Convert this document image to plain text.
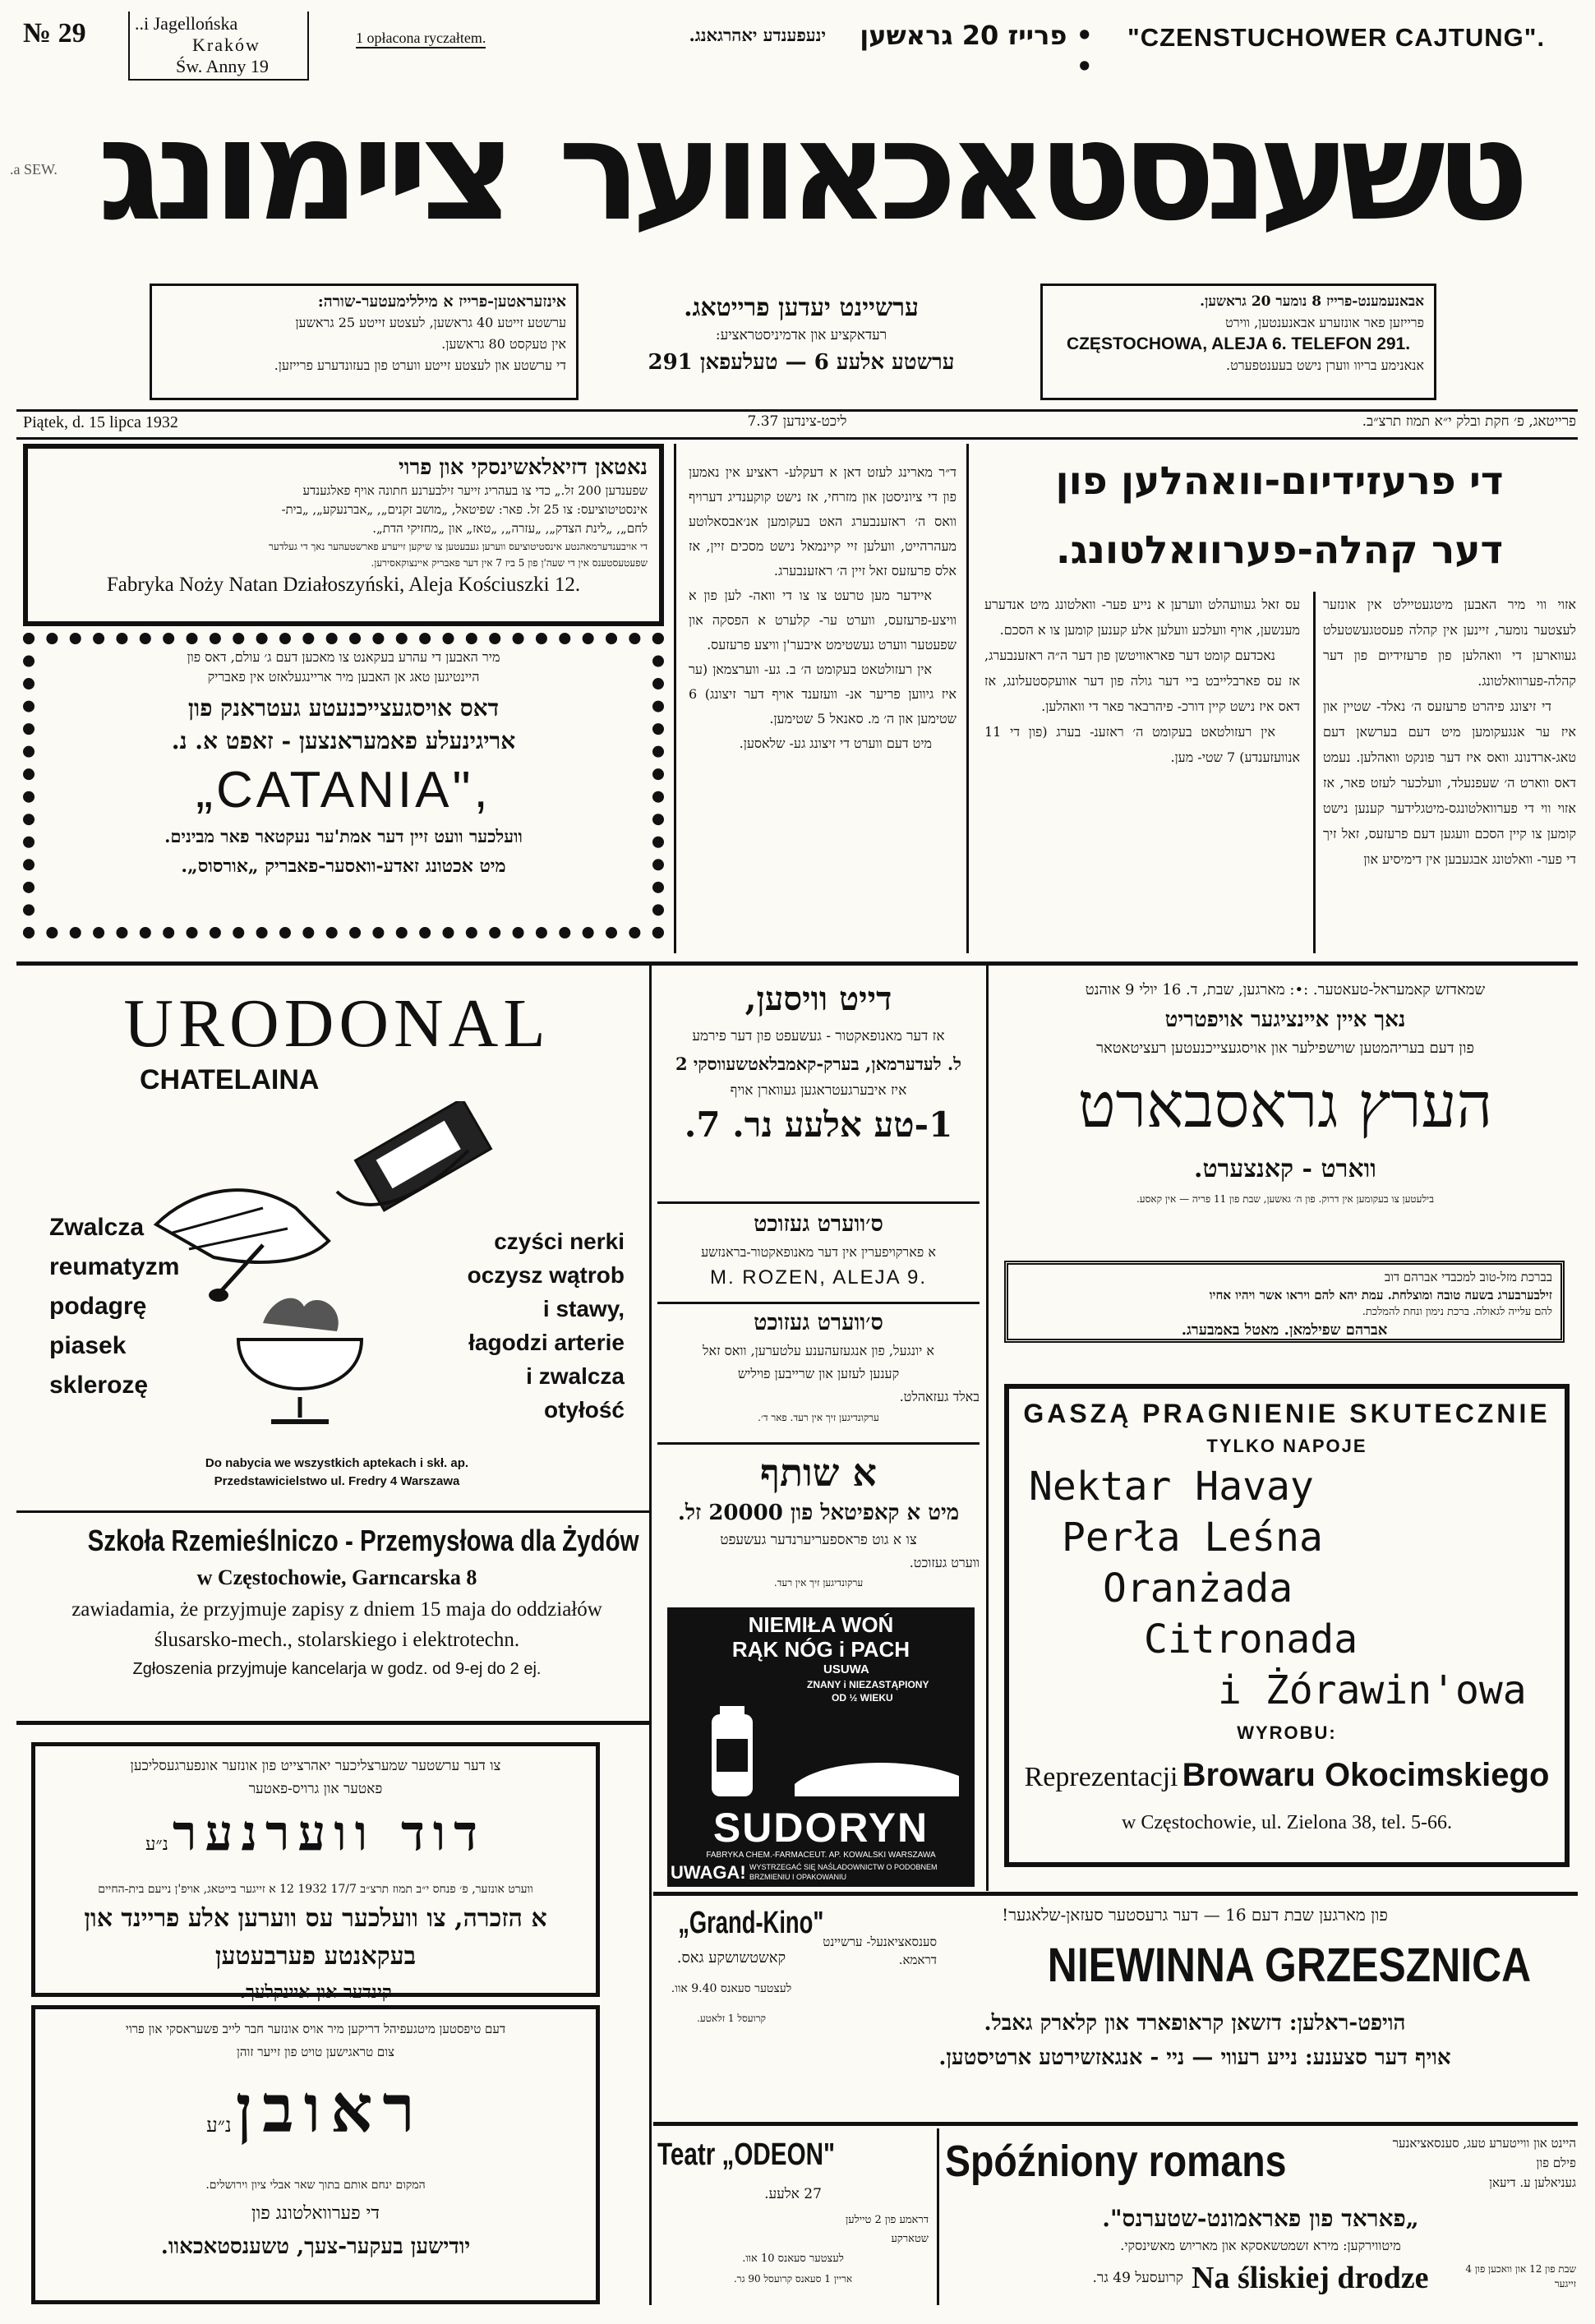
№ 29	..i Jagellońska
Kraków
Św. Anny 19
1 opłacona ryczałtem.	ינעפענדע יאהרגאנג.	• פרייז 20 גראשען •
"CZENSTUCHOWER CAJTUNG".
.a SEW. ציימונג טשענסטאכאווער
אינזעראטען-פרייז א מיללימעטער-שורה:
ערשטע זייטע 40 גראשען, לעצטע זייטע 25 גראשען
אין טעקסט 80 גראשען.
די ערשטע און לעצטע זייטע ווערט פון בעזונדערע פרייזען.
ערשיינט יעדען פרייטאג.
רעדאקציע און אדמיניסטראציע:
ערשטע אלעע 6 — טעלעפאן 291
אבאנעמענט-פרייז 8 נומער 20 גראשען.
פרייזען פאר אונזערע אבאנענטען, ווירט
CZĘSTOCHOWA, ALEJA 6. TELEFON 291.
אנאנימע בריוו ווערן נישט בעענטפערט.
Piątek, d. 15 lipca 1932	ליכט-צינדען 7.37	פרייטאג, פ׳ חקת ובלק י״א תמוז תרצ״ב.
נאטאן דזיאלאשינסקי און פרוי
שפענדען 200 זל.„ כדי צו בעהריג זייער זילבערנע חתונה אויף פאלגענדע
אינסטיטוציעס: צו 25 זל. פאר: שפיטאל, „מושב זקנים„, „אברנעקע„, „בית-
לחם„, „לינת הצדק„, „עזרה„, „טאז„ און „מחזיקי הדת„.
די אויבענדערמאהנטע אינסטיטוציעס ווערען געבעטען צו שיקען זייערע פארשטעהער נאך די געלדער
שפעטעסטענס אין די שעה'ן פון 5 ביז 7 אין דער פאבריק איינצוקאסירען.
Fabryka Noży Natan Działoszyński, Aleja Kościuszki 12.
מיר האבען די עהרע בעקאנט צו מאכען דעם ג׳ עולם, דאס פון
היינטיגען טאג אן האבען מיר אריינגעלאזט אין פאבריק
דאס אויסגעצייכנעטע געטראנק פון
אריגינעלע פאמעראנצען - זאפט א. נ.
„CATANIA",
וועלכער וועט זיין דער אמת'ער נעקטאר פאר מבינים.
מיט אכטונג זאדע-וואסער-פאבריק „אורסוס„.

ד״ר מארינג לעזט דאן א דעקלע- ראציע אין נאמען פון די ציוניסטן און מזרחי, אז נישט קוקענדיג דערויף וואס ה׳ ראזענבערג האט בעקומען אנ׳אבסאלוטע מעהרהייט, וועלען זיי קיינמאל נישט מסכים זיין, אז אלס פרעזעס זאל זיין ה׳ ראזענבערג.

איידער מען טרעט צו צו די וואה- לען פון א וויצע-פרעזעס, ווערט ער- קלערט א הפסקה און שפעטער ווערט געשטימט איבער'ן וויצע פרעזעס.

אין רעזולטאט בעקומט ה׳ ב. גע- ווערצמאן (ער איז גיווען פריער אנ- וועזענד אויף דער זיצונג) 6 שטימען און ה׳ מ. סאנאל 5 שטימען.

מיט דעם ווערט די זיצונג גע- שלאסען.

די פרעזידיום-וואהלען פון
דער קהלה-פערוואלטונג.

אזוי ווי מיר האבען מיטגעטיילט אין אונזער לעצטער נומער, זיינען אין קהלה פעסטגעשטעלט געווארען די וואהלען פון פרעזידיום פון דער קהלה-פערוואלטונג.

די זיצונג פיהרט פרעזעס ה׳ נאלד- שטיין און איז ער אנגעקומען מיט דעם בערשאן דעם טאג-ארדנונג וואס איז דער פונקט וואהלען. נעמט דאס ווארט ה׳ שעפנעלד, וועלכער לעזט פאר, אז אזוי ווי די פערוואלטונגס-מיטגלידער קענען נישט קומען צו קיין הסכם וועגען דעם פרעזעס, זאל זיך די פער- וואלטונג אבגעבען אין דימיסיע און

עס זאל געוועהלט ווערען א נייע פער- וואלטונג מיט אנדערע מענשען, אויף וועלכע וועלען אלע קענען קומען צו א הסכם.

נאכדעם קומט דער פאראוויטשן פון דער ה״ה ראזענבערג, אז עס פארבלייבט ביי דער גולה פון דער אוועקסטעלונג, אז דאס איז נישט קיין דורכ- פיהרבאר פאר די וואהלען.

אין רעזולטאט בעקומט ה׳ ראזענ- בערג (פון די 11 אנוועזענדע) 7 שטי- מען.

URODONAL
CHATELAINA
Zwalcza
reumatyzm
podagrę
piasek
sklerozę
czyści nerki
oczysz wątrob
i stawy,
łagodzi arterie
i zwalcza
otyłość
Do nabycia we wszystkich aptekach i skł. ap.
Przedstawicielstwo ul. Fredry 4 Warszawa
Szkoła Rzemieślniczo - Przemysłowa dla Żydów
w Częstochowie, Garncarska 8
zawiadamia, że przyjmuje zapisy z dniem 15 maja do oddziałów ślusarsko-mech., stolarskiego i elektrotechn.
Zgłoszenia przyjmuje kancelarja w godz. od 9-ej do 2 ej.
צו דער ערשטער שמערצליכער יאהרצייט פון אונזער אונפערגעסליכען
פאטער און גרויס-פאטער
דוד ווערנער נ״ע
ווערט אונזער, פ׳ פנחס י״ב תמוז תרצ״ב 17/7 1932 12 א זייגער בייטאג, אויפ'ן נייעם בית-החיים
א הזכרה, צו וועלכער עס ווערען אלע פריינד און בעקאנטע פערבעטען
קינדער און איינקלעך.
דעם טיפסטען מיטגעפיהל דריקען מיר אויס אונזער חבר לייב פשעראסקי און פרוי
צום טראגישען טויט פון זייער זוהן
ראובן נ״ע
המקום ינחם אותם בתוך שאר אבלי ציון וירושלים.
די פערוואלטונג פון
יודישען בעקער-צעך, טשענסטאכאוו.
דייט וויסען,
אז דער מאנופאקטור - געשעפט פון דער פירמע
ל. לעדערמאן, בערק-קאמבלאטשעווסקי 2
איז איבערגעטראגען געווארן אויף
1-טע אלעע נר. 7.
ס׳ווערט געזוכט
א פארקויפערין אין דער מאנופאקטור-בראנזשע
M. ROZEN, ALEJA 9.
ס׳ווערט געזוכט
א יונגעל, פון אנגעזעהענע עלטערען, וואס זאל
קענען לעזען און שרייבען פויליש
באלד געזאהלט.
ערקונדיגען זיך אין רעד. פאר ד׳.
א שותף
מיט א קאפיטאל פון 20000 זל.
צו א גוט פראספעריערנדער געשעפט
ווערט געזוכט.
ערקונדיגען זיך אין רעד.
NIEMIŁA WOŃ
RĄK NÓG i PACH
USUWA
ZNANY i NIEZASTĄPIONY
OD ½ WIEKU
SUDORYN
FABRYKA CHEM.-FARMACEUT. AP. KOWALSKI WARSZAWA
UWAGA! WYSTRZEGAĆ SIĘ NAŚLADOWNICTW O PODOBNEM BRZMIENIU I OPAKOWANIU
שמאדזש קאמעראל-טעאטער. :•: מארגען, שבת, ד. 16 יולי 9 אוהנט
נאך איין איינציגער אויפטריט
פון דעם בעריהמטען שוישפילער און אויסגעצייכנעטען רעציטאטאר
הערץ גראסבארט
ווארט - קאנצערט.
בילעטען צו בעקומען אין דרוק. פון ה׳ גאשען, שבת פון 11 פריה — אין קאסע.
בברכת מזל-טוב למכבדי אברהם דוב
זילבערבערג בשעה טובה ומוצלחת. עמת יהא להם ויראו אשר ויהיו אחיו
להם עלייה לגאולה. ברכת נימון ונחת להמלכת.
אברהם שפילמאן. מאטל באמבערג.
GASZĄ PRAGNIENIE SKUTECZNIE
TYLKO NAPOJE
Nektar Havay
Perła Leśna
Oranżada
Citronada
i Żórawin'owa
WYROBU:
Reprezentacji Browaru Okocimskiego
w Częstochowie, ul. Zielona 38, tel. 5-66.
„Grand-Kino"
קאשטשושקע גאס.
לעצטער סעאנס 9.40 אוו.
קרועסל 1 זלאטע.
פון מארגען שבת דעם 16 — דער גרעסטער סעזאן-שלאגער!
סענסאציאנעל- ערשיינט דראמא. NIEWINNA GRZESZNICA
הויפט-ראלען: דזשאן קראופארד און קלארק גאבל.
אויף דער סצענע: נייע רעווי — ניי - אנגאזשירטע ארטיסטען.
Teatr „ODEON"
27 אלעע.
דראמע פון 2 טיילען
שטארקע
לעצטער סעאנס 10 אוו.
אריין 1 סעאנס קרועסל 90 גר.
היינט און ווייטערע טעג, סענסאציאנער פילם פון
געניאלען ע. דיעאן
Spóźniony romans
„פאראד פון פאראמונט-שטערנס".
מיטווירקען: מירא זשמטשאסקא און מאריוש מאשינסקי.
Na śliskiej drodze
קרועסעל 49 גר.
שבת פון 12 און וואכען פון 4 זייגער
